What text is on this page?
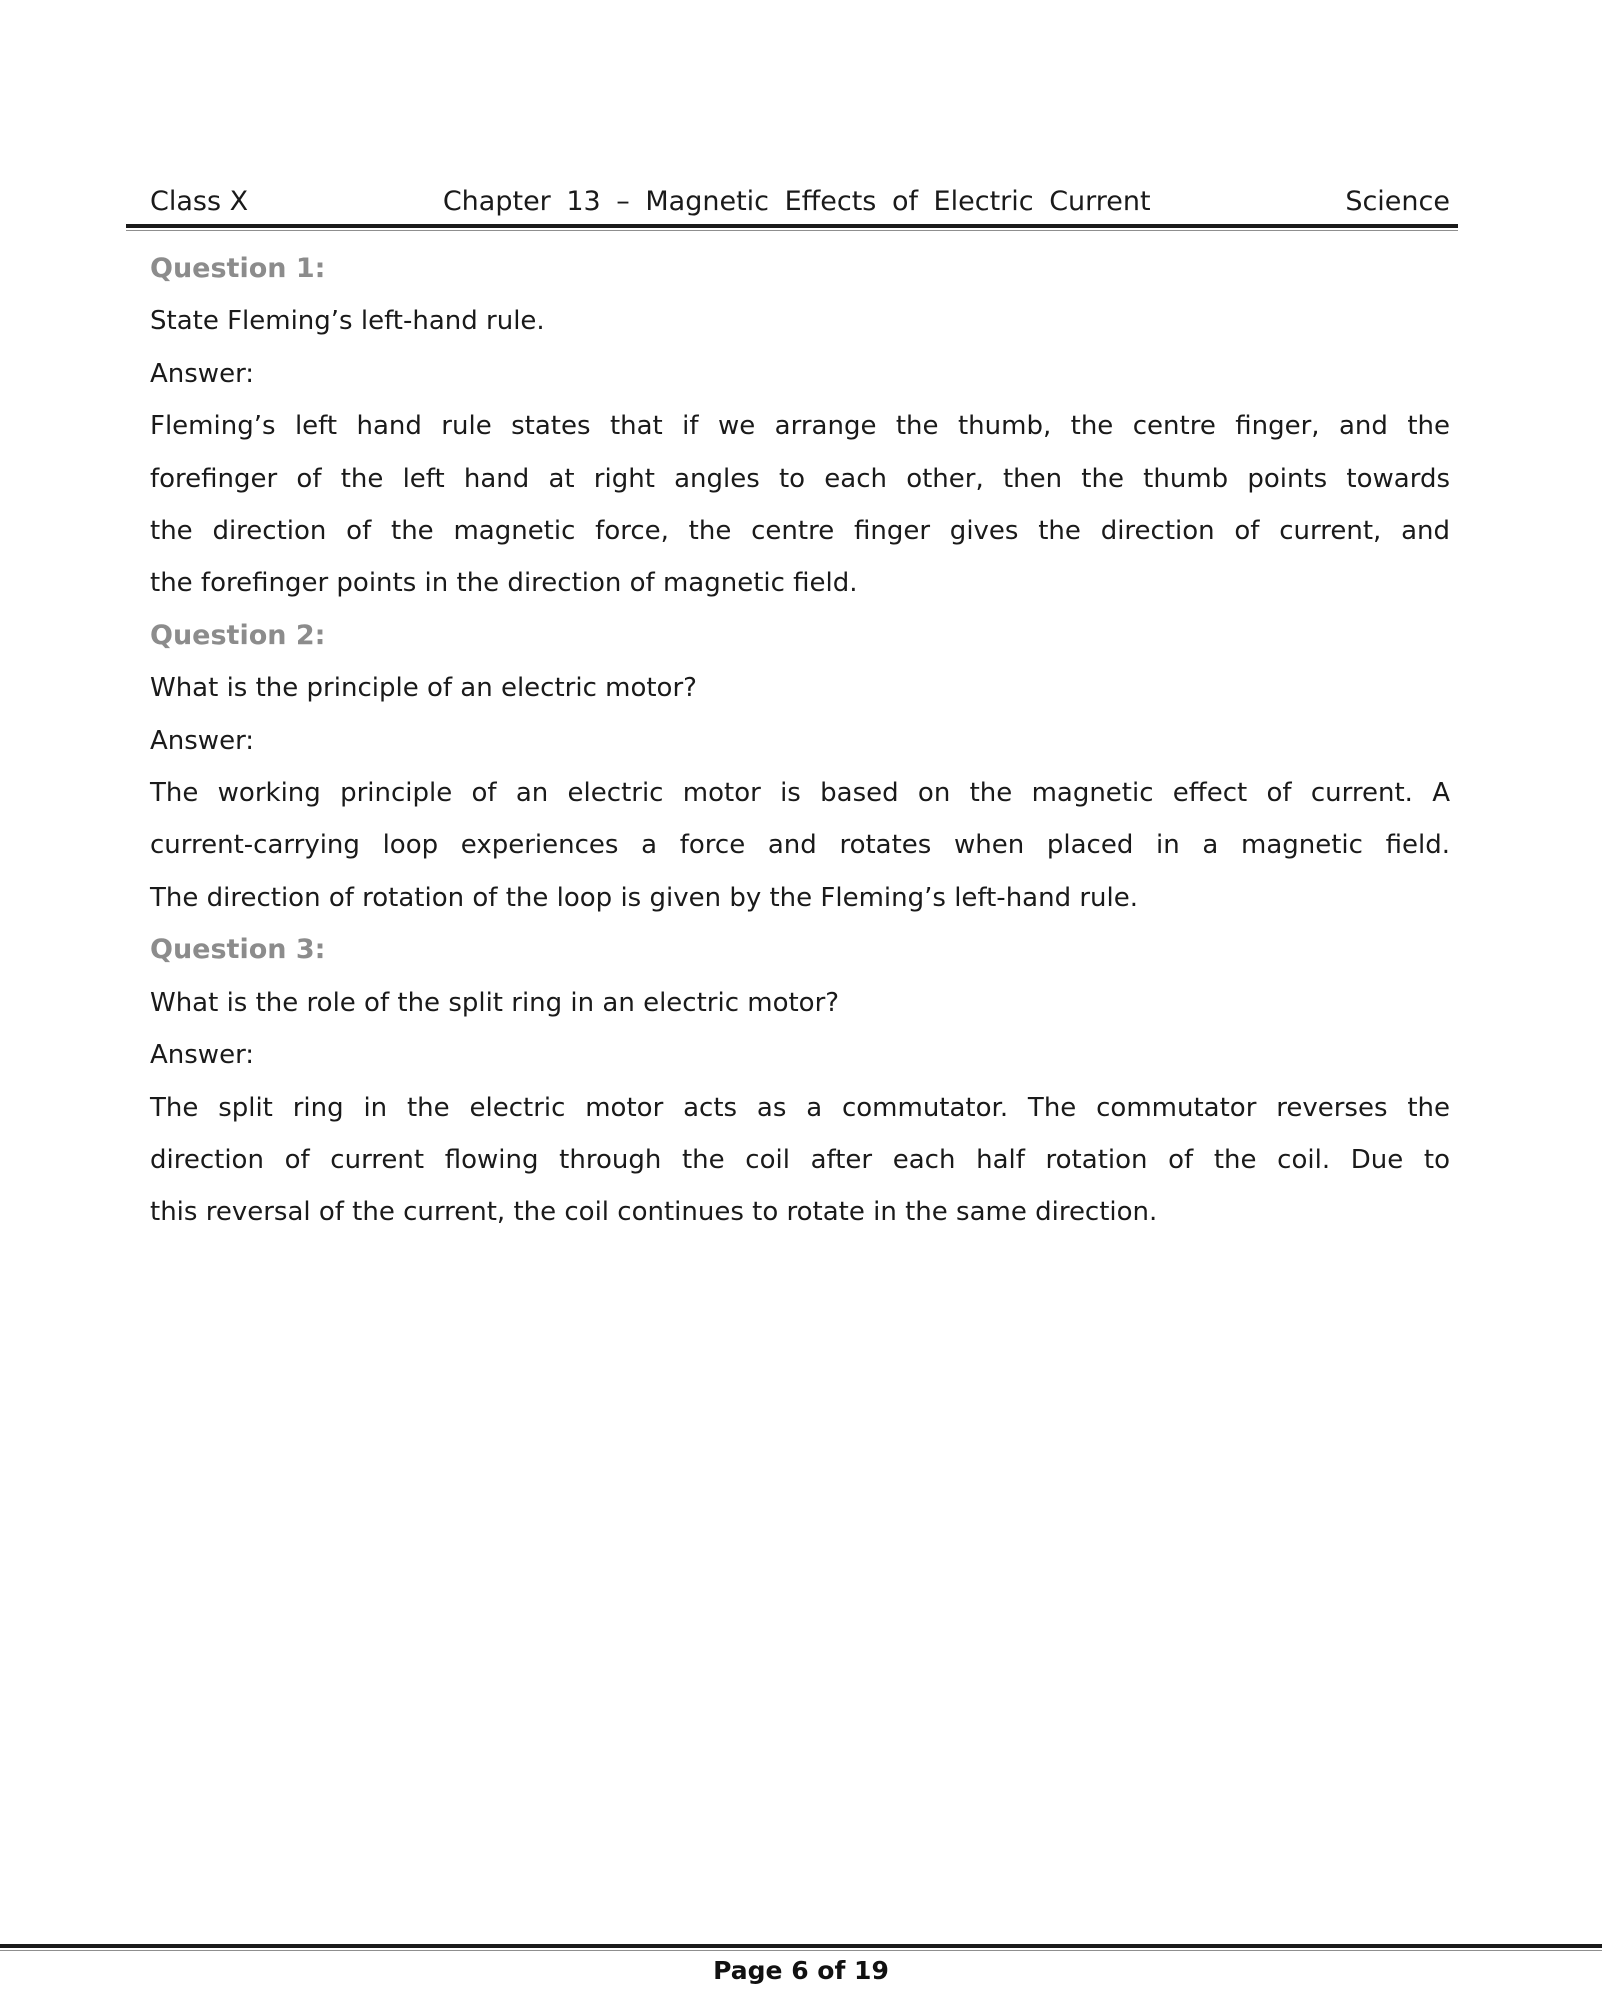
Class X	Chapter 13 – Magnetic Effects of Electric Current	Science
Question 1:
State Fleming’s left-hand rule.
Answer:
Fleming’s left hand rule states that if we arrange the thumb, the centre finger, and the
forefinger of the left hand at right angles to each other, then the thumb points towards
the direction of the magnetic force, the centre finger gives the direction of current, and
the forefinger points in the direction of magnetic field.
Question 2:
What is the principle of an electric motor?
Answer:
The working principle of an electric motor is based on the magnetic effect of current. A
current-carrying loop experiences a force and rotates when placed in a magnetic field.
The direction of rotation of the loop is given by the Fleming’s left-hand rule.
Question 3:
What is the role of the split ring in an electric motor?
Answer:
The split ring in the electric motor acts as a commutator. The commutator reverses the
direction of current flowing through the coil after each half rotation of the coil. Due to
this reversal of the current, the coil continues to rotate in the same direction.
Page 6 of 19
